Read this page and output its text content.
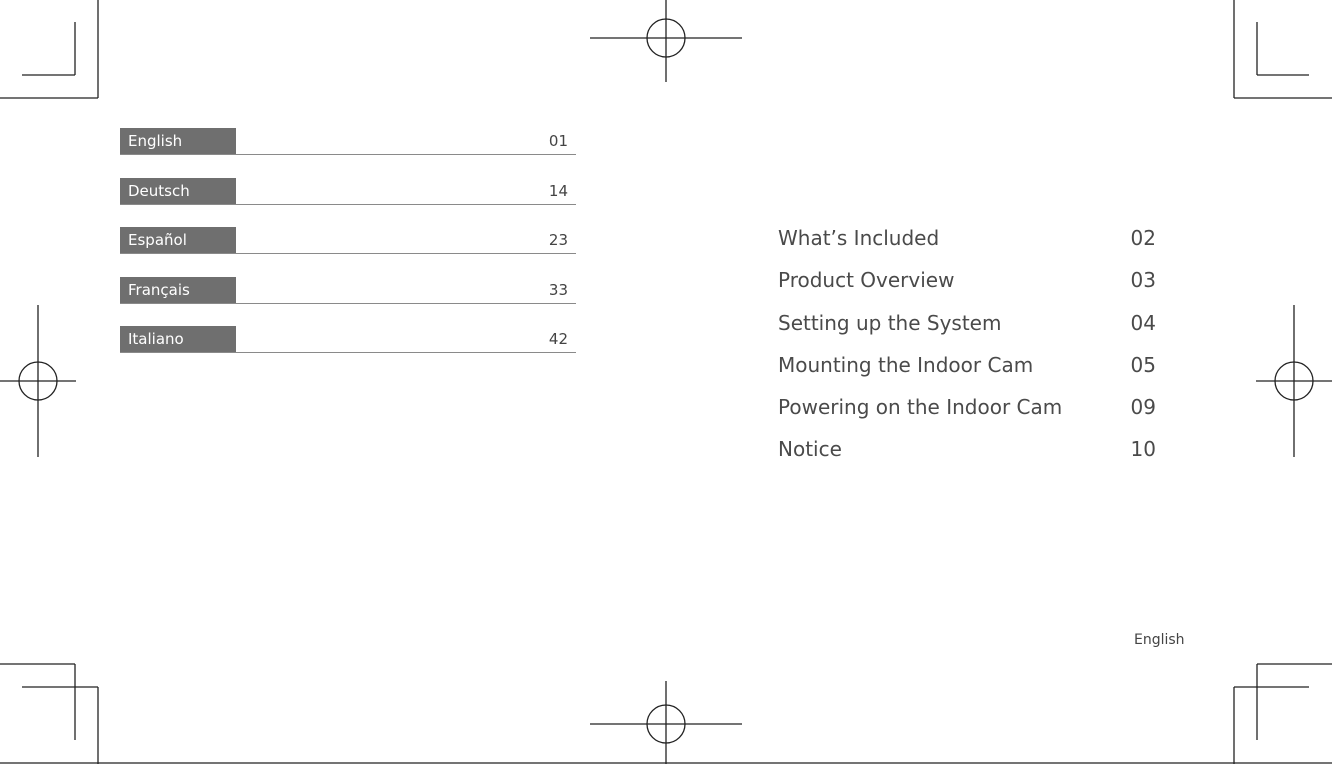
English	01
Deutsch	14
Español	23
Français	33
Italiano	42
What’s Included	02
Product Overview	03
Setting up the System	04
Mounting the Indoor Cam	05
Powering on the Indoor Cam	09
Notice	10
English
